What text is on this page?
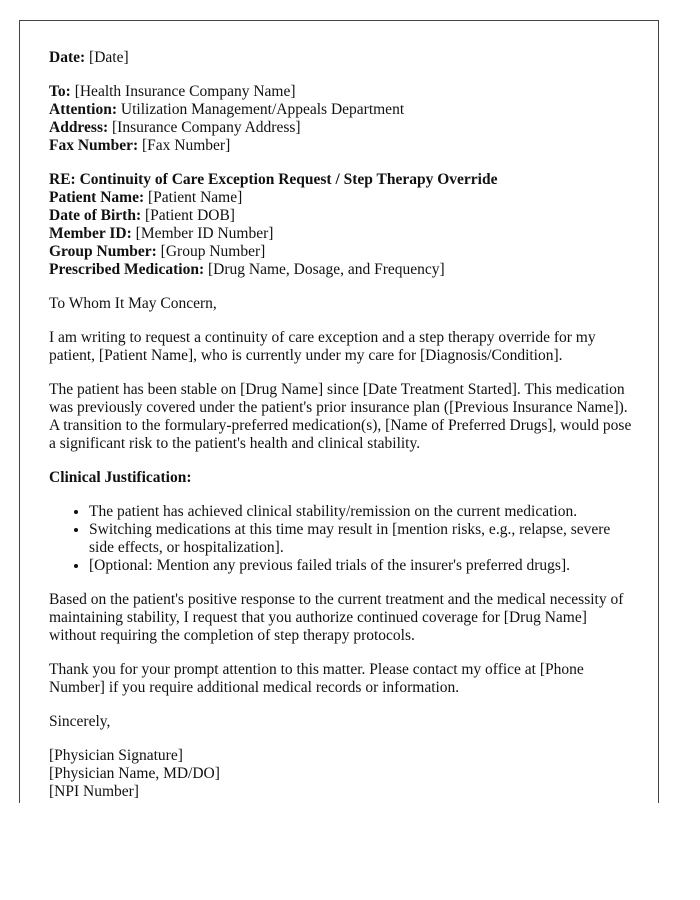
Date: [Date]

To: [Health Insurance Company Name]
Attention: Utilization Management/Appeals Department
Address: [Insurance Company Address]
Fax Number: [Fax Number]

RE: Continuity of Care Exception Request / Step Therapy Override
Patient Name: [Patient Name]
Date of Birth: [Patient DOB]
Member ID: [Member ID Number]
Group Number: [Group Number]
Prescribed Medication: [Drug Name, Dosage, and Frequency]

To Whom It May Concern,

I am writing to request a continuity of care exception and a step therapy override for my patient, [Patient Name], who is currently under my care for [Diagnosis/Condition].

The patient has been stable on [Drug Name] since [Date Treatment Started]. This medication was previously covered under the patient's prior insurance plan ([Previous Insurance Name]). A transition to the formulary-preferred medication(s), [Name of Preferred Drugs], would pose a significant risk to the patient's health and clinical stability.

Clinical Justification:

• The patient has achieved clinical stability/remission on the current medication.
• Switching medications at this time may result in [mention risks, e.g., relapse, severe side effects, or hospitalization].
• [Optional: Mention any previous failed trials of the insurer's preferred drugs].

Based on the patient's positive response to the current treatment and the medical necessity of maintaining stability, I request that you authorize continued coverage for [Drug Name] without requiring the completion of step therapy protocols.

Thank you for your prompt attention to this matter. Please contact my office at [Phone Number] if you require additional medical records or information.

Sincerely,

[Physician Signature]
[Physician Name, MD/DO]
[NPI Number]
